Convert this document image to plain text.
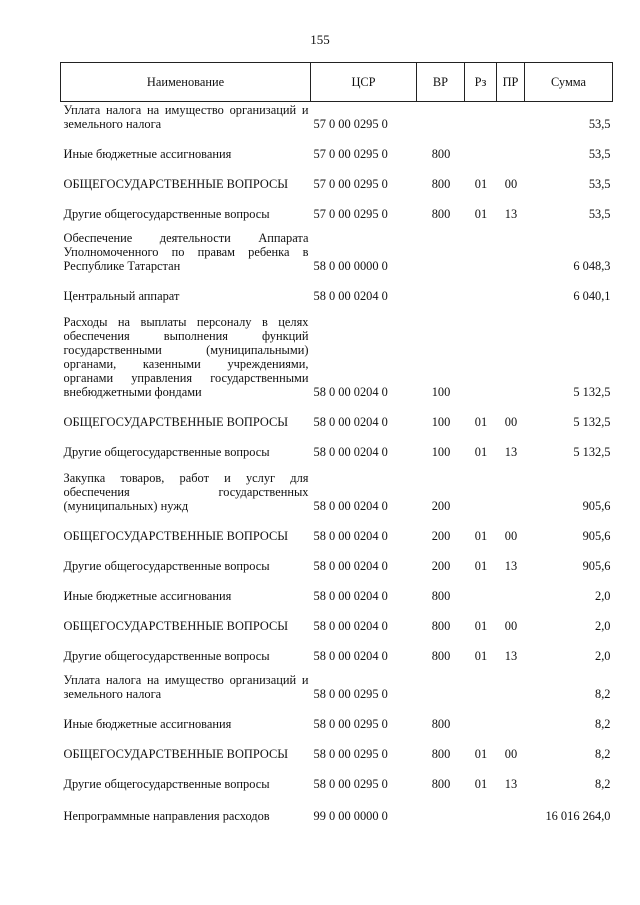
155
Наименование	ЦСР	ВР	Рз	ПР	Сумма
Уплата налога на имущество организаций и земельного налога	57 0 00 0295 0				53,5
Иные бюджетные ассигнования	57 0 00 0295 0	800			53,5
ОБЩЕГОСУДАРСТВЕННЫЕ ВОПРОСЫ	57 0 00 0295 0	800	01	00	53,5
Другие общегосударственные вопросы	57 0 00 0295 0	800	01	13	53,5
Обеспечение деятельности Аппарата Уполномоченного по правам ребенка в Республике Татарстан	58 0 00 0000 0				6 048,3
Центральный аппарат	58 0 00 0204 0				6 040,1
Расходы на выплаты персоналу в целях обеспечения выполнения функций государственными (муниципальными) органами, казенными учреждениями, органами управления государственными внебюджетными фондами	58 0 00 0204 0	100			5 132,5
ОБЩЕГОСУДАРСТВЕННЫЕ ВОПРОСЫ	58 0 00 0204 0	100	01	00	5 132,5
Другие общегосударственные вопросы	58 0 00 0204 0	100	01	13	5 132,5
Закупка товаров, работ и услуг для обеспечения государственных (муниципальных) нужд	58 0 00 0204 0	200			905,6
ОБЩЕГОСУДАРСТВЕННЫЕ ВОПРОСЫ	58 0 00 0204 0	200	01	00	905,6
Другие общегосударственные вопросы	58 0 00 0204 0	200	01	13	905,6
Иные бюджетные ассигнования	58 0 00 0204 0	800			2,0
ОБЩЕГОСУДАРСТВЕННЫЕ ВОПРОСЫ	58 0 00 0204 0	800	01	00	2,0
Другие общегосударственные вопросы	58 0 00 0204 0	800	01	13	2,0
Уплата налога на имущество организаций и земельного налога	58 0 00 0295 0				8,2
Иные бюджетные ассигнования	58 0 00 0295 0	800			8,2
ОБЩЕГОСУДАРСТВЕННЫЕ ВОПРОСЫ	58 0 00 0295 0	800	01	00	8,2
Другие общегосударственные вопросы	58 0 00 0295 0	800	01	13	8,2
Непрограммные направления расходов	99 0 00 0000 0				16 016 264,0
